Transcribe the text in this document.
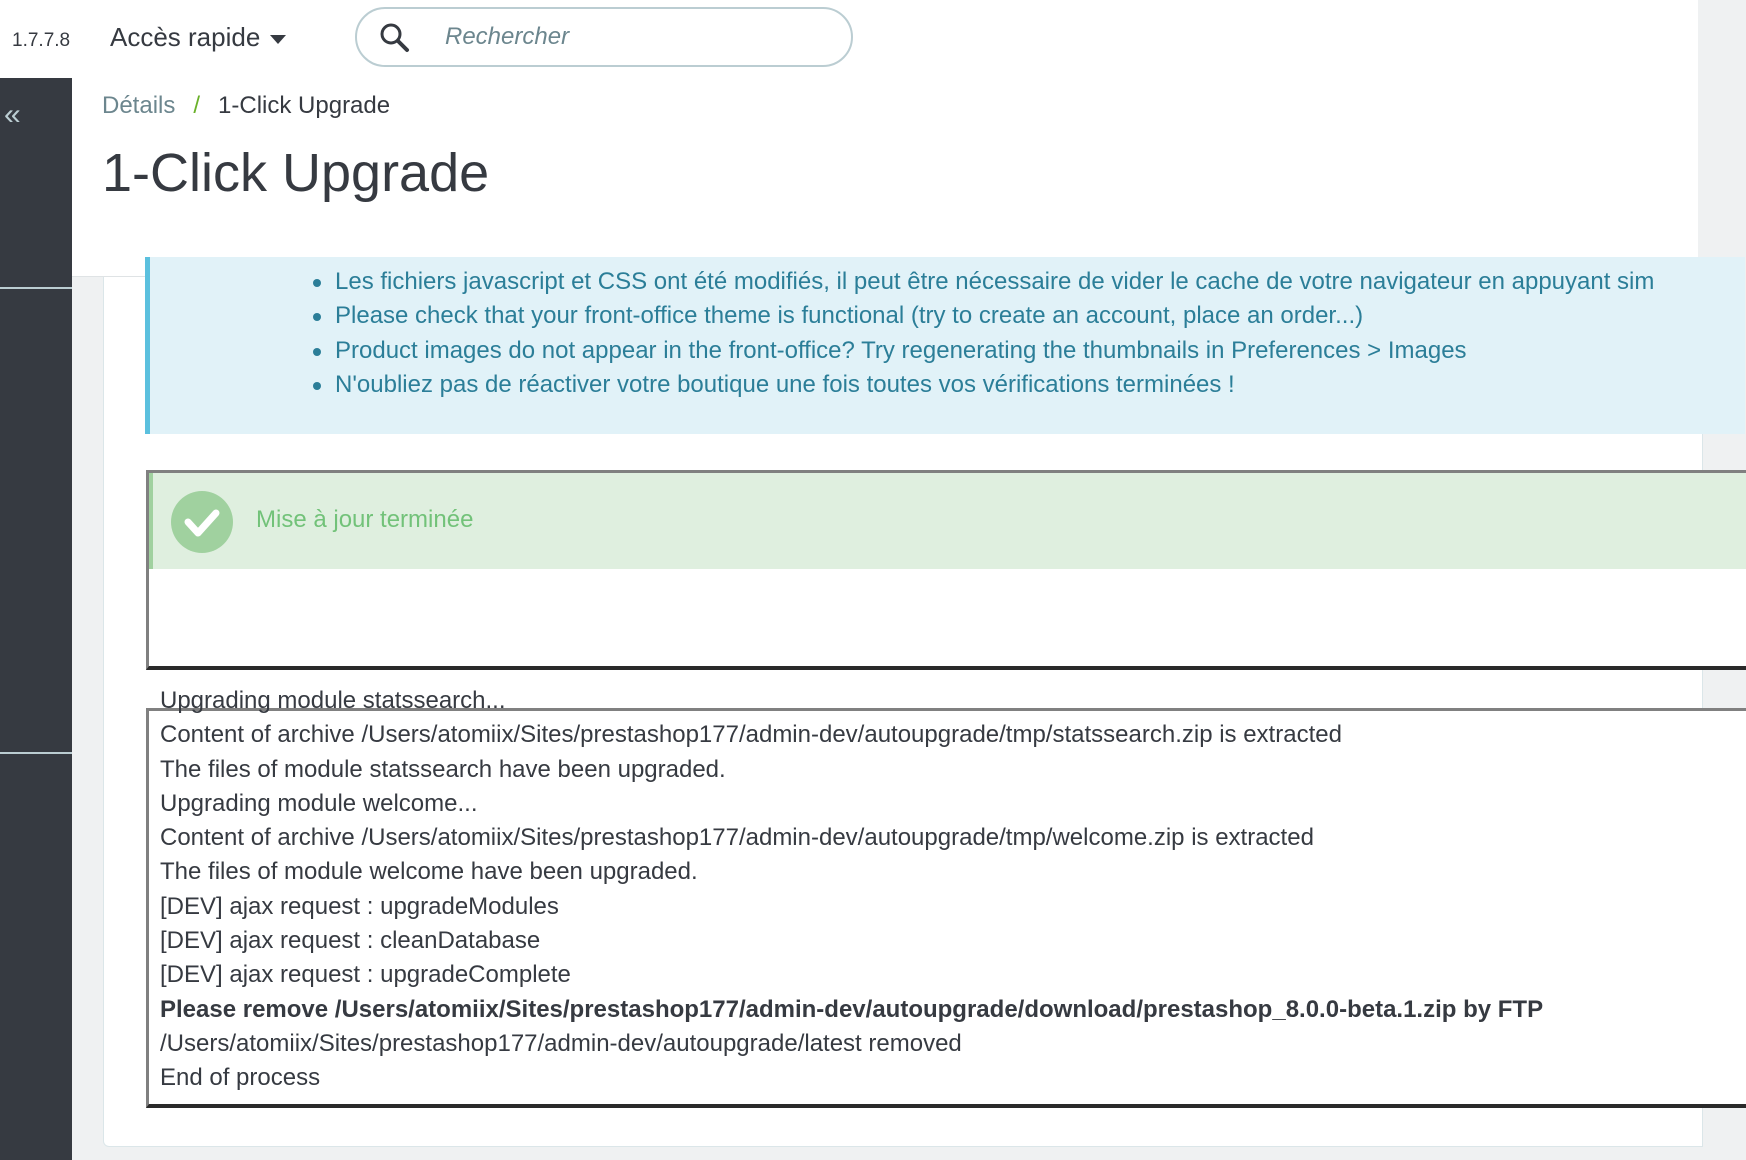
1.7.7.8 Accès rapide
Rechercher
«	Détails / 1-Click Upgrade
1-Click Upgrade
Les fichiers javascript et CSS ont été modifiés, il peut être nécessaire de vider le cache de votre navigateur en appuyant sim
Please check that your front-office theme is functional (try to create an account, place an order...)
Product images do not appear in the front-office? Try regenerating the thumbnails in Preferences > Images
N'oubliez pas de réactiver votre boutique une fois toutes vos vérifications terminées !
Mise à jour terminée
Upgrading module statssearch...
Content of archive /Users/atomiix/Sites/prestashop177/admin-dev/autoupgrade/tmp/statssearch.zip is extracted
The files of module statssearch have been upgraded.
Upgrading module welcome...
Content of archive /Users/atomiix/Sites/prestashop177/admin-dev/autoupgrade/tmp/welcome.zip is extracted
The files of module welcome have been upgraded.
[DEV] ajax request : upgradeModules
[DEV] ajax request : cleanDatabase
[DEV] ajax request : upgradeComplete
Please remove /Users/atomiix/Sites/prestashop177/admin-dev/autoupgrade/download/prestashop_8.0.0-beta.1.zip by FTP
/Users/atomiix/Sites/prestashop177/admin-dev/autoupgrade/latest removed
End of process
